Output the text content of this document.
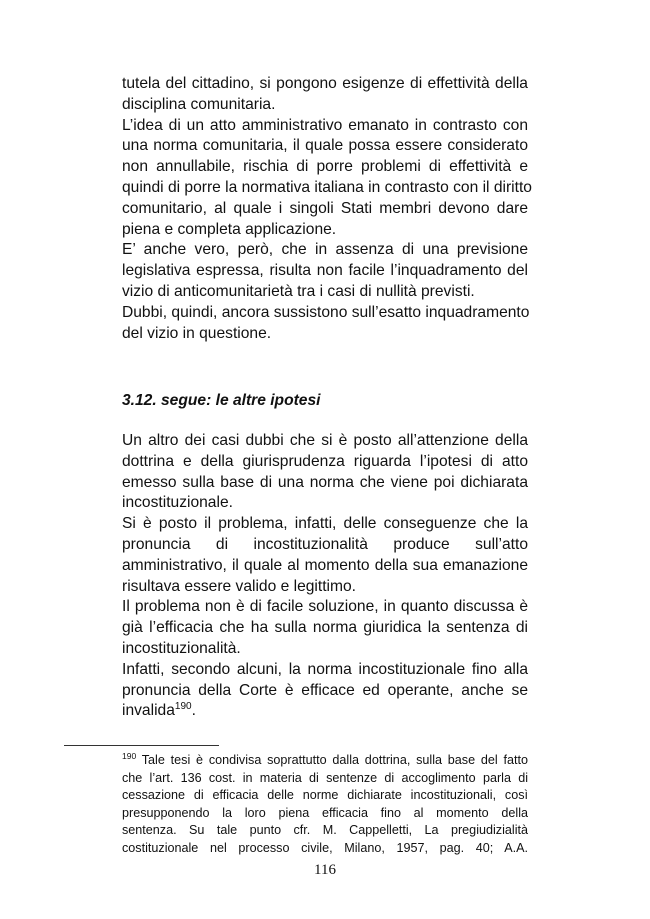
tutela del cittadino, si pongono esigenze di effettività della
disciplina comunitaria.
L’idea di un atto amministrativo emanato in contrasto con
una norma comunitaria, il quale possa essere considerato
non annullabile, rischia di porre problemi di effettività e
quindi di porre la normativa italiana in contrasto con il diritto
comunitario, al quale i singoli Stati membri devono dare
piena e completa applicazione.
E’ anche vero, però, che in assenza di una previsione
legislativa espressa, risulta non facile l’inquadramento del
vizio di anticomunitarietà tra i casi di nullità previsti.
Dubbi, quindi, ancora sussistono sull’esatto inquadramento
del vizio in questione.
3.12. segue: le altre ipotesi
Un altro dei casi dubbi che si è posto all’attenzione della
dottrina e della giurisprudenza riguarda l’ipotesi di atto
emesso sulla base di una norma che viene poi dichiarata
incostituzionale.
Si è posto il problema, infatti, delle conseguenze che la
pronuncia di incostituzionalità produce sull’atto
amministrativo, il quale al momento della sua emanazione
risultava essere valido e legittimo.
Il problema non è di facile soluzione, in quanto discussa è
già l’efficacia che ha sulla norma giuridica la sentenza di
incostituzionalità.
Infatti, secondo alcuni, la norma incostituzionale fino alla
pronuncia della Corte è efficace ed operante, anche se
invalida$^{190}$.
$^{190}$ Tale tesi è condivisa soprattutto dalla dottrina, sulla base del fatto
che l’art. 136 cost. in materia di sentenze di accoglimento parla di
cessazione di efficacia delle norme dichiarate incostituzionali, così
presupponendo la loro piena efficacia fino al momento della
sentenza. Su tale punto cfr. M. Cappelletti, La pregiudizialità
costituzionale nel processo civile, Milano, 1957, pag. 40; A.A.
116
